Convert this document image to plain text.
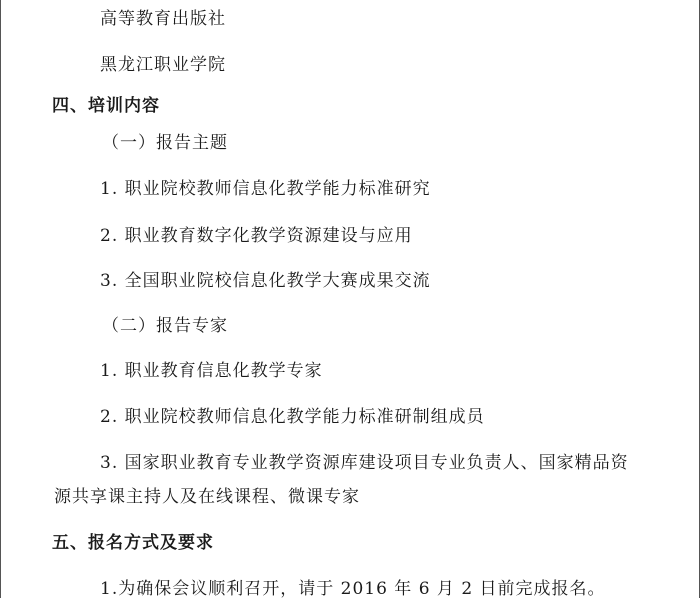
高等教育出版社
黑龙江职业学院
四、培训内容
（一）报告主题
1. 职业院校教师信息化教学能力标准研究
2. 职业教育数字化教学资源建设与应用
3. 全国职业院校信息化教学大赛成果交流
（二）报告专家
1. 职业教育信息化教学专家
2. 职业院校教师信息化教学能力标准研制组成员
3. 国家职业教育专业教学资源库建设项目专业负责人、国家精品资
源共享课主持人及在线课程、微课专家
五、报名方式及要求
1.为确保会议顺利召开，请于 2016 年 6 月 2 日前完成报名。
